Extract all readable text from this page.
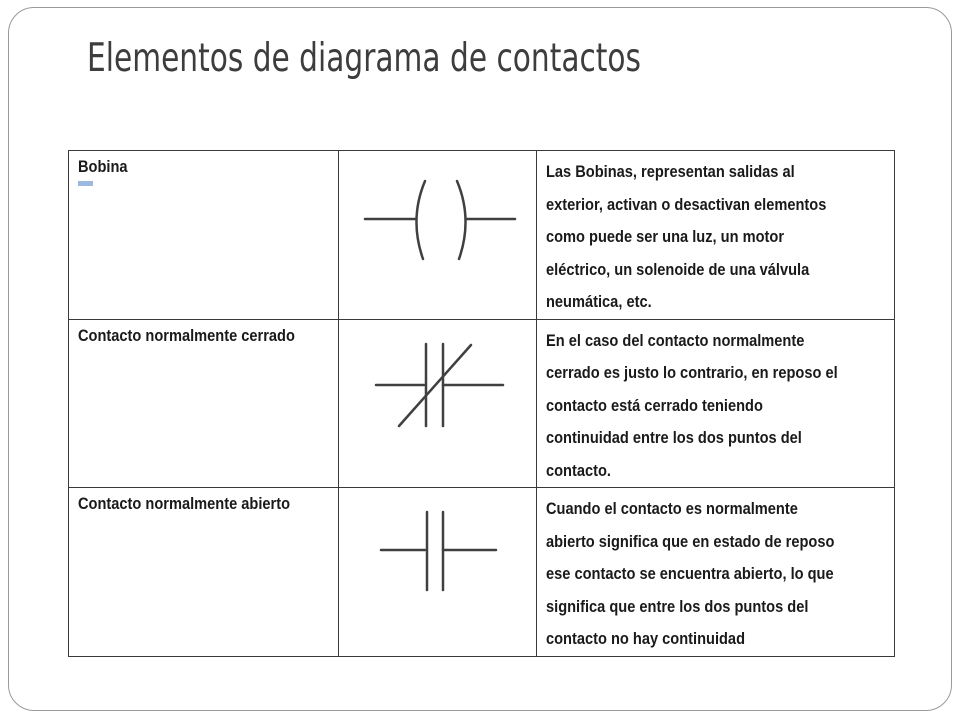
Elementos de diagrama de contactos
Bobina		Las Bobinas, representan salidas al
exterior, activan o desactivan elementos
como puede ser una luz, un motor
eléctrico, un solenoide de una válvula
neumática, etc.

Contacto normalmente cerrado		En el caso del contacto normalmente
cerrado es justo lo contrario, en reposo el
contacto está cerrado teniendo
continuidad entre los dos puntos del
contacto.

Contacto normalmente abierto		Cuando el contacto es normalmente
abierto significa que en estado de reposo
ese contacto se encuentra abierto, lo que
significa que entre los dos puntos del
contacto no hay continuidad
